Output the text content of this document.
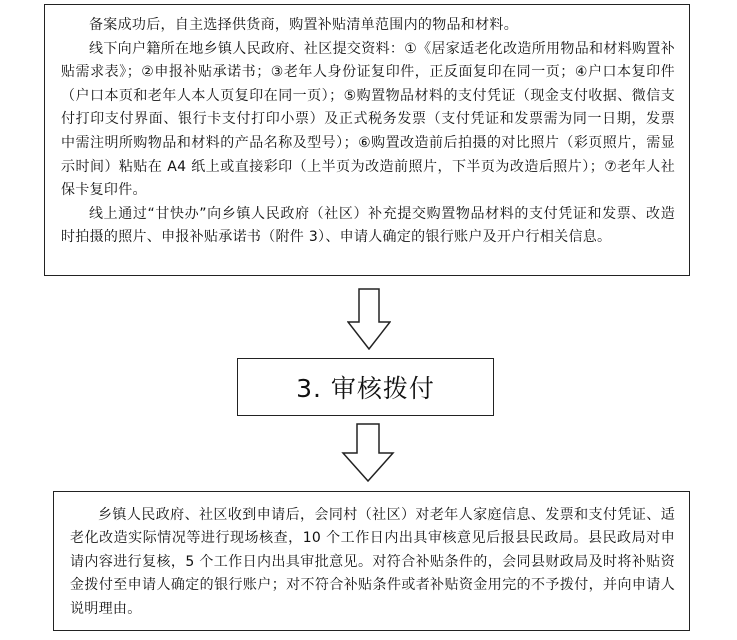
备案成功后，自主选择供货商，购置补贴清单范围内的物品和材料。

线下向户籍所在地乡镇人民政府、社区提交资料：①《居家适老化改造所用物品和材料购置补贴需求表》；②申报补贴承诺书；③老年人身份证复印件，正反面复印在同一页；④户口本复印件（户口本页和老年人本人页复印在同一页）；⑤购置物品材料的支付凭证（现金支付收据、微信支付打印支付界面、银行卡支付打印小票）及正式税务发票（支付凭证和发票需为同一日期，发票中需注明所购物品和材料的产品名称及型号）；⑥购置改造前后拍摄的对比照片（彩页照片，需显示时间）粘贴在 A4 纸上或直接彩印（上半页为改造前照片，下半页为改造后照片）；⑦老年人社保卡复印件。

线上通过“甘快办”向乡镇人民政府（社区）补充提交购置物品材料的支付凭证和发票、改造时拍摄的照片、申报补贴承诺书（附件 3）、申请人确定的银行账户及开户行相关信息。

3. 审核拨付

乡镇人民政府、社区收到申请后，会同村（社区）对老年人家庭信息、发票和支付凭证、适老化改造实际情况等进行现场核查，10 个工作日内出具审核意见后报县民政局。县民政局对申请内容进行复核，5 个工作日内出具审批意见。对符合补贴条件的，会同县财政局及时将补贴资金拨付至申请人确定的银行账户；对不符合补贴条件或者补贴资金用完的不予拨付，并向申请人说明理由。
